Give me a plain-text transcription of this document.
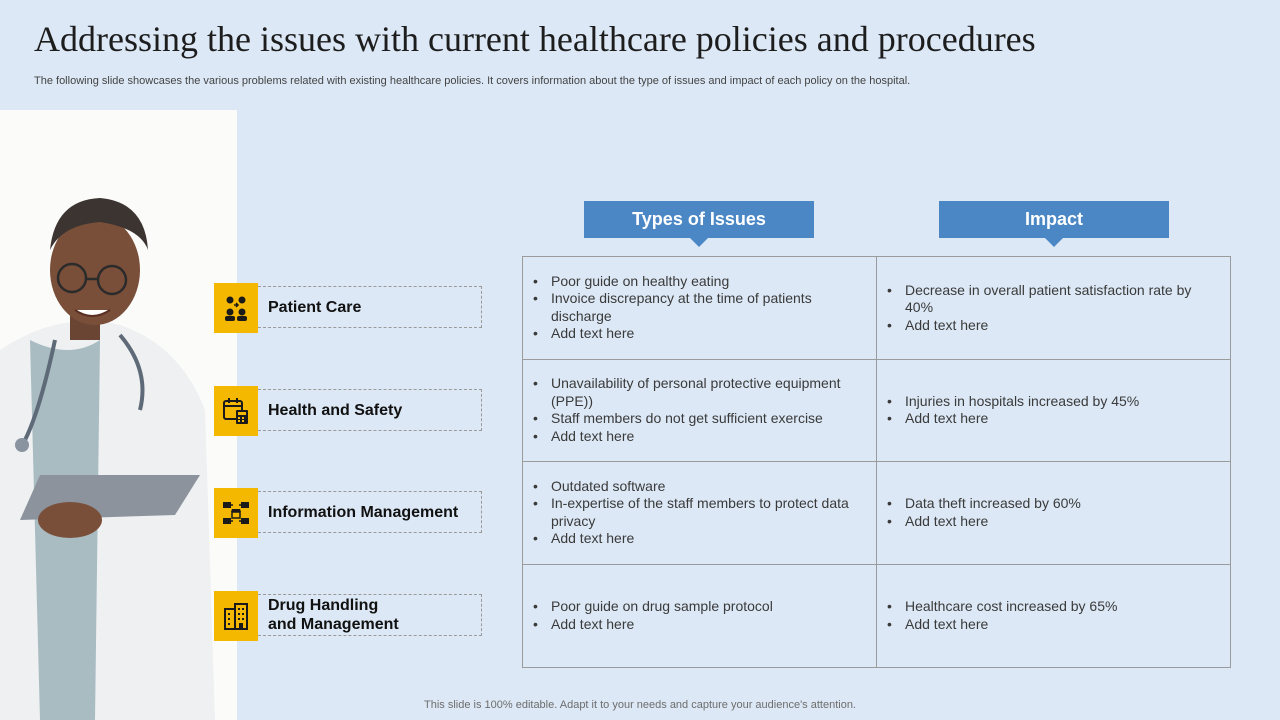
Addressing the issues with current healthcare policies and procedures
The following slide showcases the various problems related with existing healthcare policies. It covers information about the type of issues and impact of each policy on the hospital.
Patient Care
Health and Safety
Information Management
Drug Handling
and Management
Types of Issues	Impact
• Poor guide on healthy eating
• Invoice discrepancy at the time of patients discharge
• Add text here
• Decrease in overall patient satisfaction rate by 40%
• Add text here
• Unavailability of personal protective equipment (PPE))
• Staff members do not get sufficient exercise
• Add text here
• Injuries in hospitals increased by 45%
• Add text here
• Outdated software
• In-expertise of the staff members to protect data privacy
• Add text here
• Data theft increased by 60%
• Add text here
• Poor guide on drug sample protocol
• Add text here
• Healthcare cost increased by 65%
• Add text here
This slide is 100% editable. Adapt it to your needs and capture your audience's attention.
